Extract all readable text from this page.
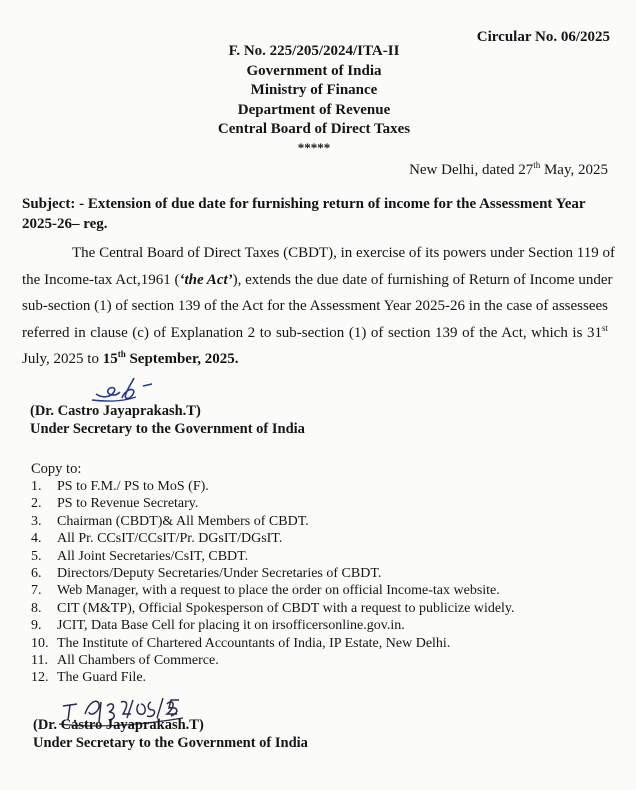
Circular No. 06/2025
F. No. 225/205/2024/ITA-II
Government of India
Ministry of Finance
Department of Revenue
Central Board of Direct Taxes
*****
New Delhi, dated 27th May, 2025
Subject: - Extension of due date for furnishing return of income for the Assessment Year
2025-26– reg.
The Central Board of Direct Taxes (CBDT), in exercise of its powers under Section 119 of
the Income-tax Act,1961 (‘the Act’), extends the due date of furnishing of Return of Income under
sub-section (1) of section 139 of the Act for the Assessment Year 2025-26 in the case of assessees
referred in clause (c) of Explanation 2 to sub-section (1) of section 139 of the Act, which is 31st
July, 2025 to 15th September, 2025.
(Dr. Castro Jayaprakash.T)
Under Secretary to the Government of India
Copy to:
1. PS to F.M./ PS to MoS (F).
2. PS to Revenue Secretary.
3. Chairman (CBDT)& All Members of CBDT.
4. All Pr. CCsIT/CCsIT/Pr. DGsIT/DGsIT.
5. All Joint Secretaries/CsIT, CBDT.
6. Directors/Deputy Secretaries/Under Secretaries of CBDT.
7. Web Manager, with a request to place the order on official Income-tax website.
8. CIT (M&TP), Official Spokesperson of CBDT with a request to publicize widely.
9. JCIT, Data Base Cell for placing it on irsofficersonline.gov.in.
10. The Institute of Chartered Accountants of India, IP Estate, New Delhi.
11. All Chambers of Commerce.
12. The Guard File.
(Dr. Castro Jayaprakash.T)
Under Secretary to the Government of India
